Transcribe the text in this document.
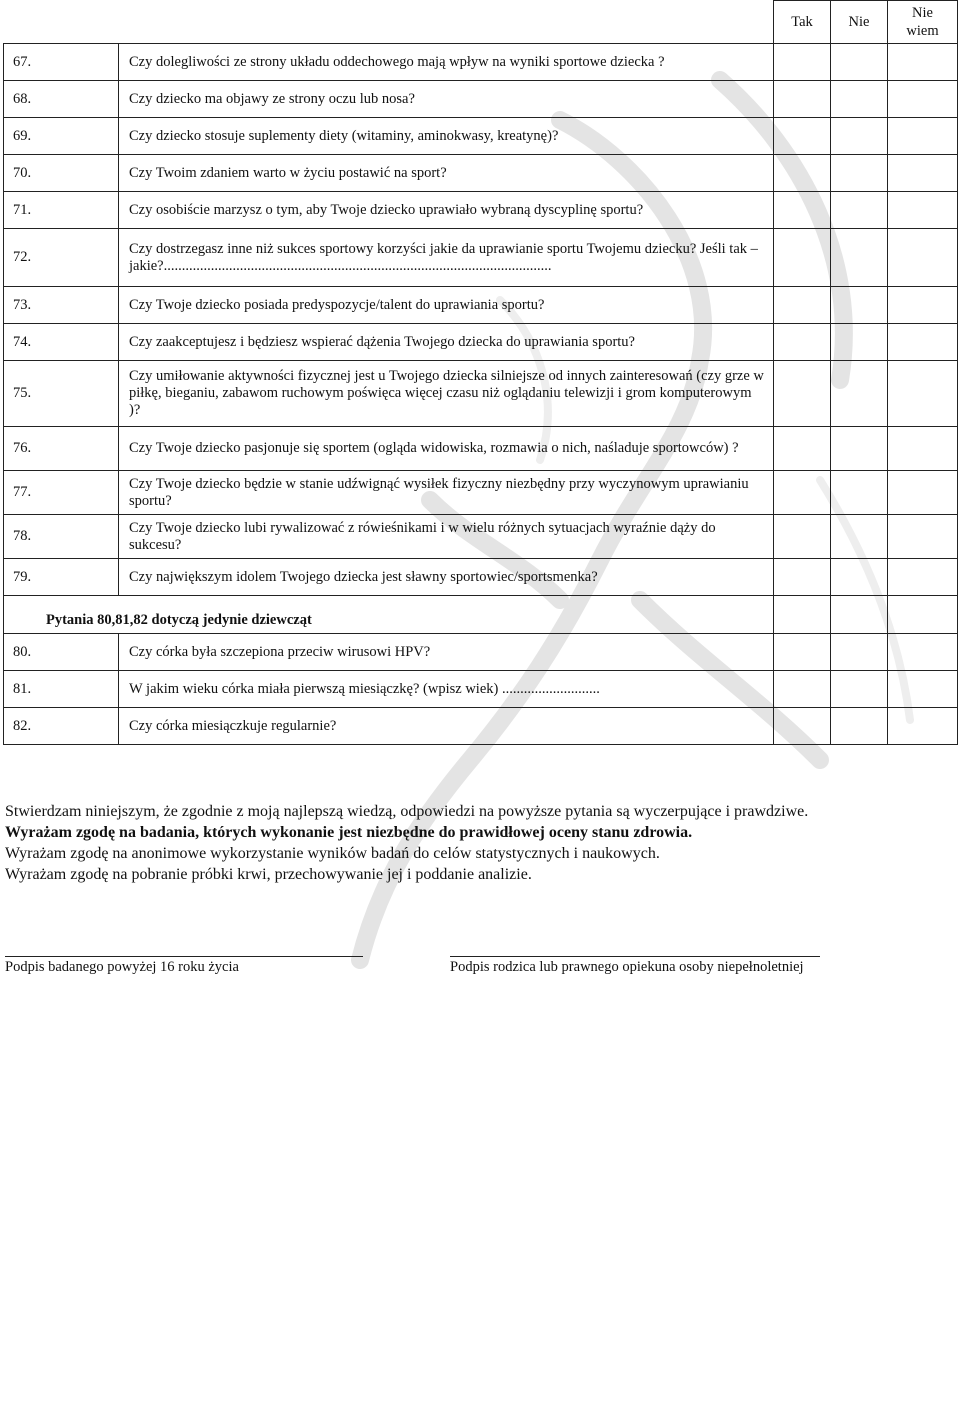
		Tak	Nie	Nie wiem
67.	Czy dolegliwości ze strony układu oddechowego mają wpływ na wyniki sportowe dziecka ?			
68.	Czy dziecko ma objawy ze strony oczu lub nosa?			
69.	Czy dziecko stosuje suplementy diety (witaminy, aminokwasy, kreatynę)?			
70.	Czy Twoim zdaniem warto w życiu postawić na sport?			
71.	Czy osobiście marzysz o tym, aby Twoje dziecko uprawiało wybraną dyscyplinę sportu?			
72.	Czy dostrzegasz inne niż sukces sportowy korzyści jakie da uprawianie sportu Twojemu dziecku? Jeśli tak – jakie?...........................................................................................................			
73.	Czy Twoje dziecko posiada predyspozycje/talent do uprawiania sportu?			
74.	Czy zaakceptujesz i będziesz wspierać dążenia Twojego dziecka do uprawiania sportu?			
75.	Czy umiłowanie aktywności fizycznej jest u Twojego dziecka silniejsze od innych zainteresowań (czy grze w piłkę, bieganiu, zabawom ruchowym poświęca więcej czasu niż oglądaniu telewizji i grom komputerowym )?			
76.	Czy Twoje dziecko pasjonuje się sportem (ogląda widowiska, rozmawia o nich, naśladuje sportowców) ?			
77.	Czy Twoje dziecko będzie w stanie udźwignąć wysiłek fizyczny niezbędny przy wyczynowym uprawianiu sportu?			
78.	Czy Twoje dziecko lubi rywalizować z rówieśnikami i w wielu różnych sytuacjach wyraźnie dąży do sukcesu?			
79.	Czy największym idolem Twojego dziecka jest sławny sportowiec/sportsmenka?			
Pytania 80,81,82 dotyczą jedynie dziewcząt				
80.	Czy córka była szczepiona przeciw wirusowi HPV?			
81.	W jakim wieku córka miała pierwszą miesiączkę? (wpisz wiek) ...........................			
82.	Czy córka miesiączkuje regularnie?			
Stwierdzam niniejszym, że zgodnie z moją najlepszą wiedzą, odpowiedzi na powyższe pytania są wyczerpujące i prawdziwe.
Wyrażam zgodę na badania, których wykonanie jest niezbędne do prawidłowej oceny stanu zdrowia.
Wyrażam zgodę na anonimowe wykorzystanie wyników badań do celów statystycznych i naukowych.
Wyrażam zgodę na pobranie próbki krwi, przechowywanie jej i poddanie analizie.
Podpis badanego powyżej 16 roku życia	Podpis rodzica lub prawnego opiekuna osoby niepełnoletniej
